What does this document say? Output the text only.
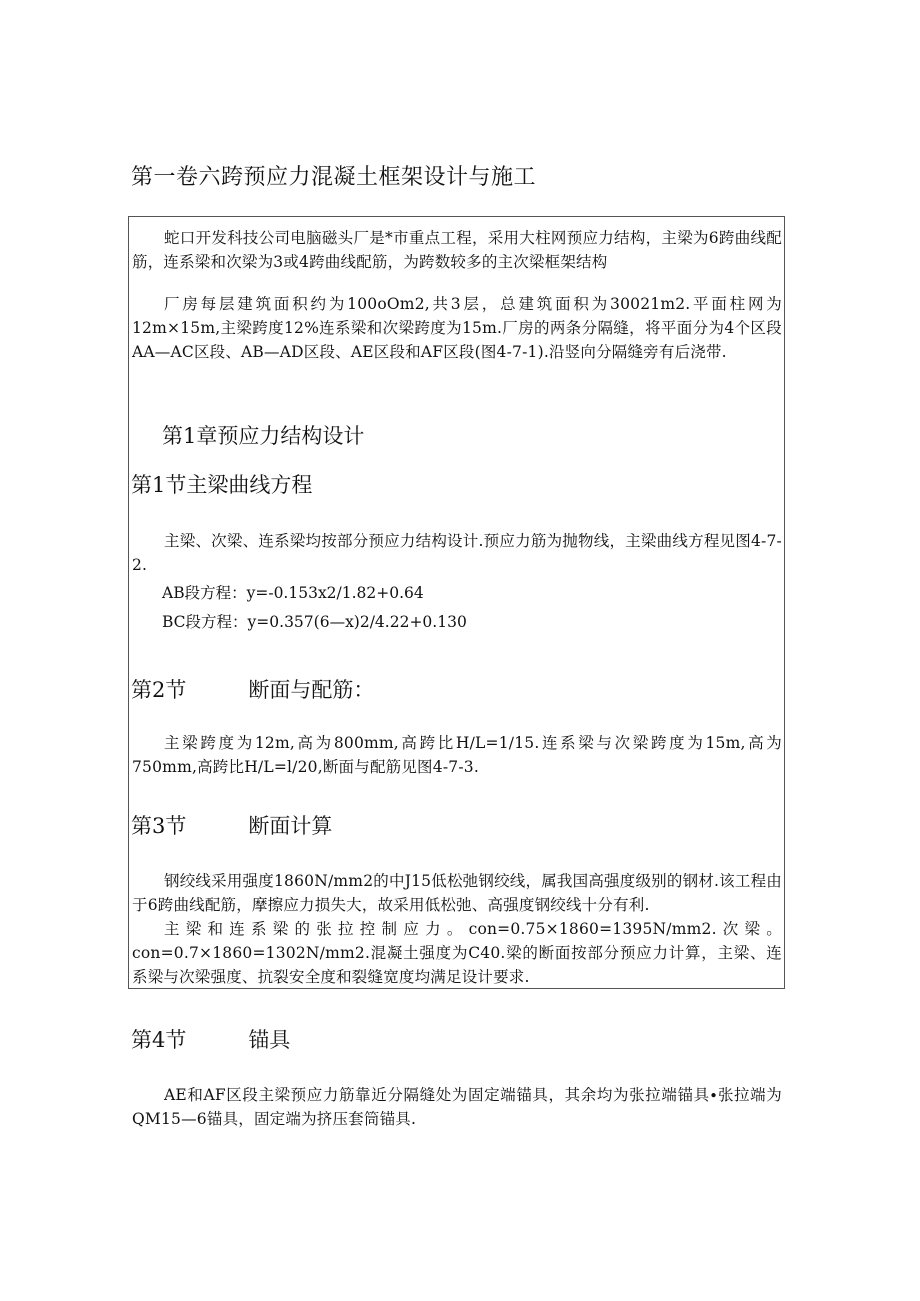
第一卷六跨预应力混凝土框架设计与施工
蛇口开发科技公司电脑磁头厂是*市重点工程，采用大柱网预应力结构，主梁为6跨曲线配筋，连系梁和次梁为3或4跨曲线配筋，为跨数较多的主次梁框架结构
厂房每层建筑面积约为100oOm2,共3层，总建筑面积为30021m2.平面柱网为12m×15m,主梁跨度12%连系梁和次梁跨度为15m.厂房的两条分隔缝，将平面分为4个区段AA—AC区段、AB—AD区段、AE区段和AF区段(图4-7-1).沿竖向分隔缝旁有后浇带.
第1章预应力结构设计
第1节主梁曲线方程
主梁、次梁、连系梁均按部分预应力结构设计.预应力筋为抛物线，主梁曲线方程见图4-7-2.
AB段方程：y=-0.153x2/1.82+0.64
BC段方程：y=0.357(6—x)2/4.22+0.130
第2节	断面与配筋：
主梁跨度为12m,高为800mm,高跨比H∕L=1∕15.连系梁与次梁跨度为15m,高为750mm,高跨比H∕L=l∕20,断面与配筋见图4-7-3.
第3节	断面计算
钢绞线采用强度1860N∕mm2的中J15低松弛钢绞线，属我国高强度级别的钢材.该工程由于6跨曲线配筋，摩擦应力损失大，故采用低松弛、高强度钢绞线十分有利.
主梁和连系梁的张拉控制应力。con=0.75×1860=1395N∕mm2.次梁。con=0.7×1860=1302N∕mm2.混凝土强度为C40.梁的断面按部分预应力计算，主梁、连系梁与次梁强度、抗裂安全度和裂缝宽度均满足设计要求.
第4节	锚具
AE和AF区段主梁预应力筋靠近分隔缝处为固定端锚具，其余均为张拉端锚具∙张拉端为QM15—6锚具，固定端为挤压套筒锚具.
